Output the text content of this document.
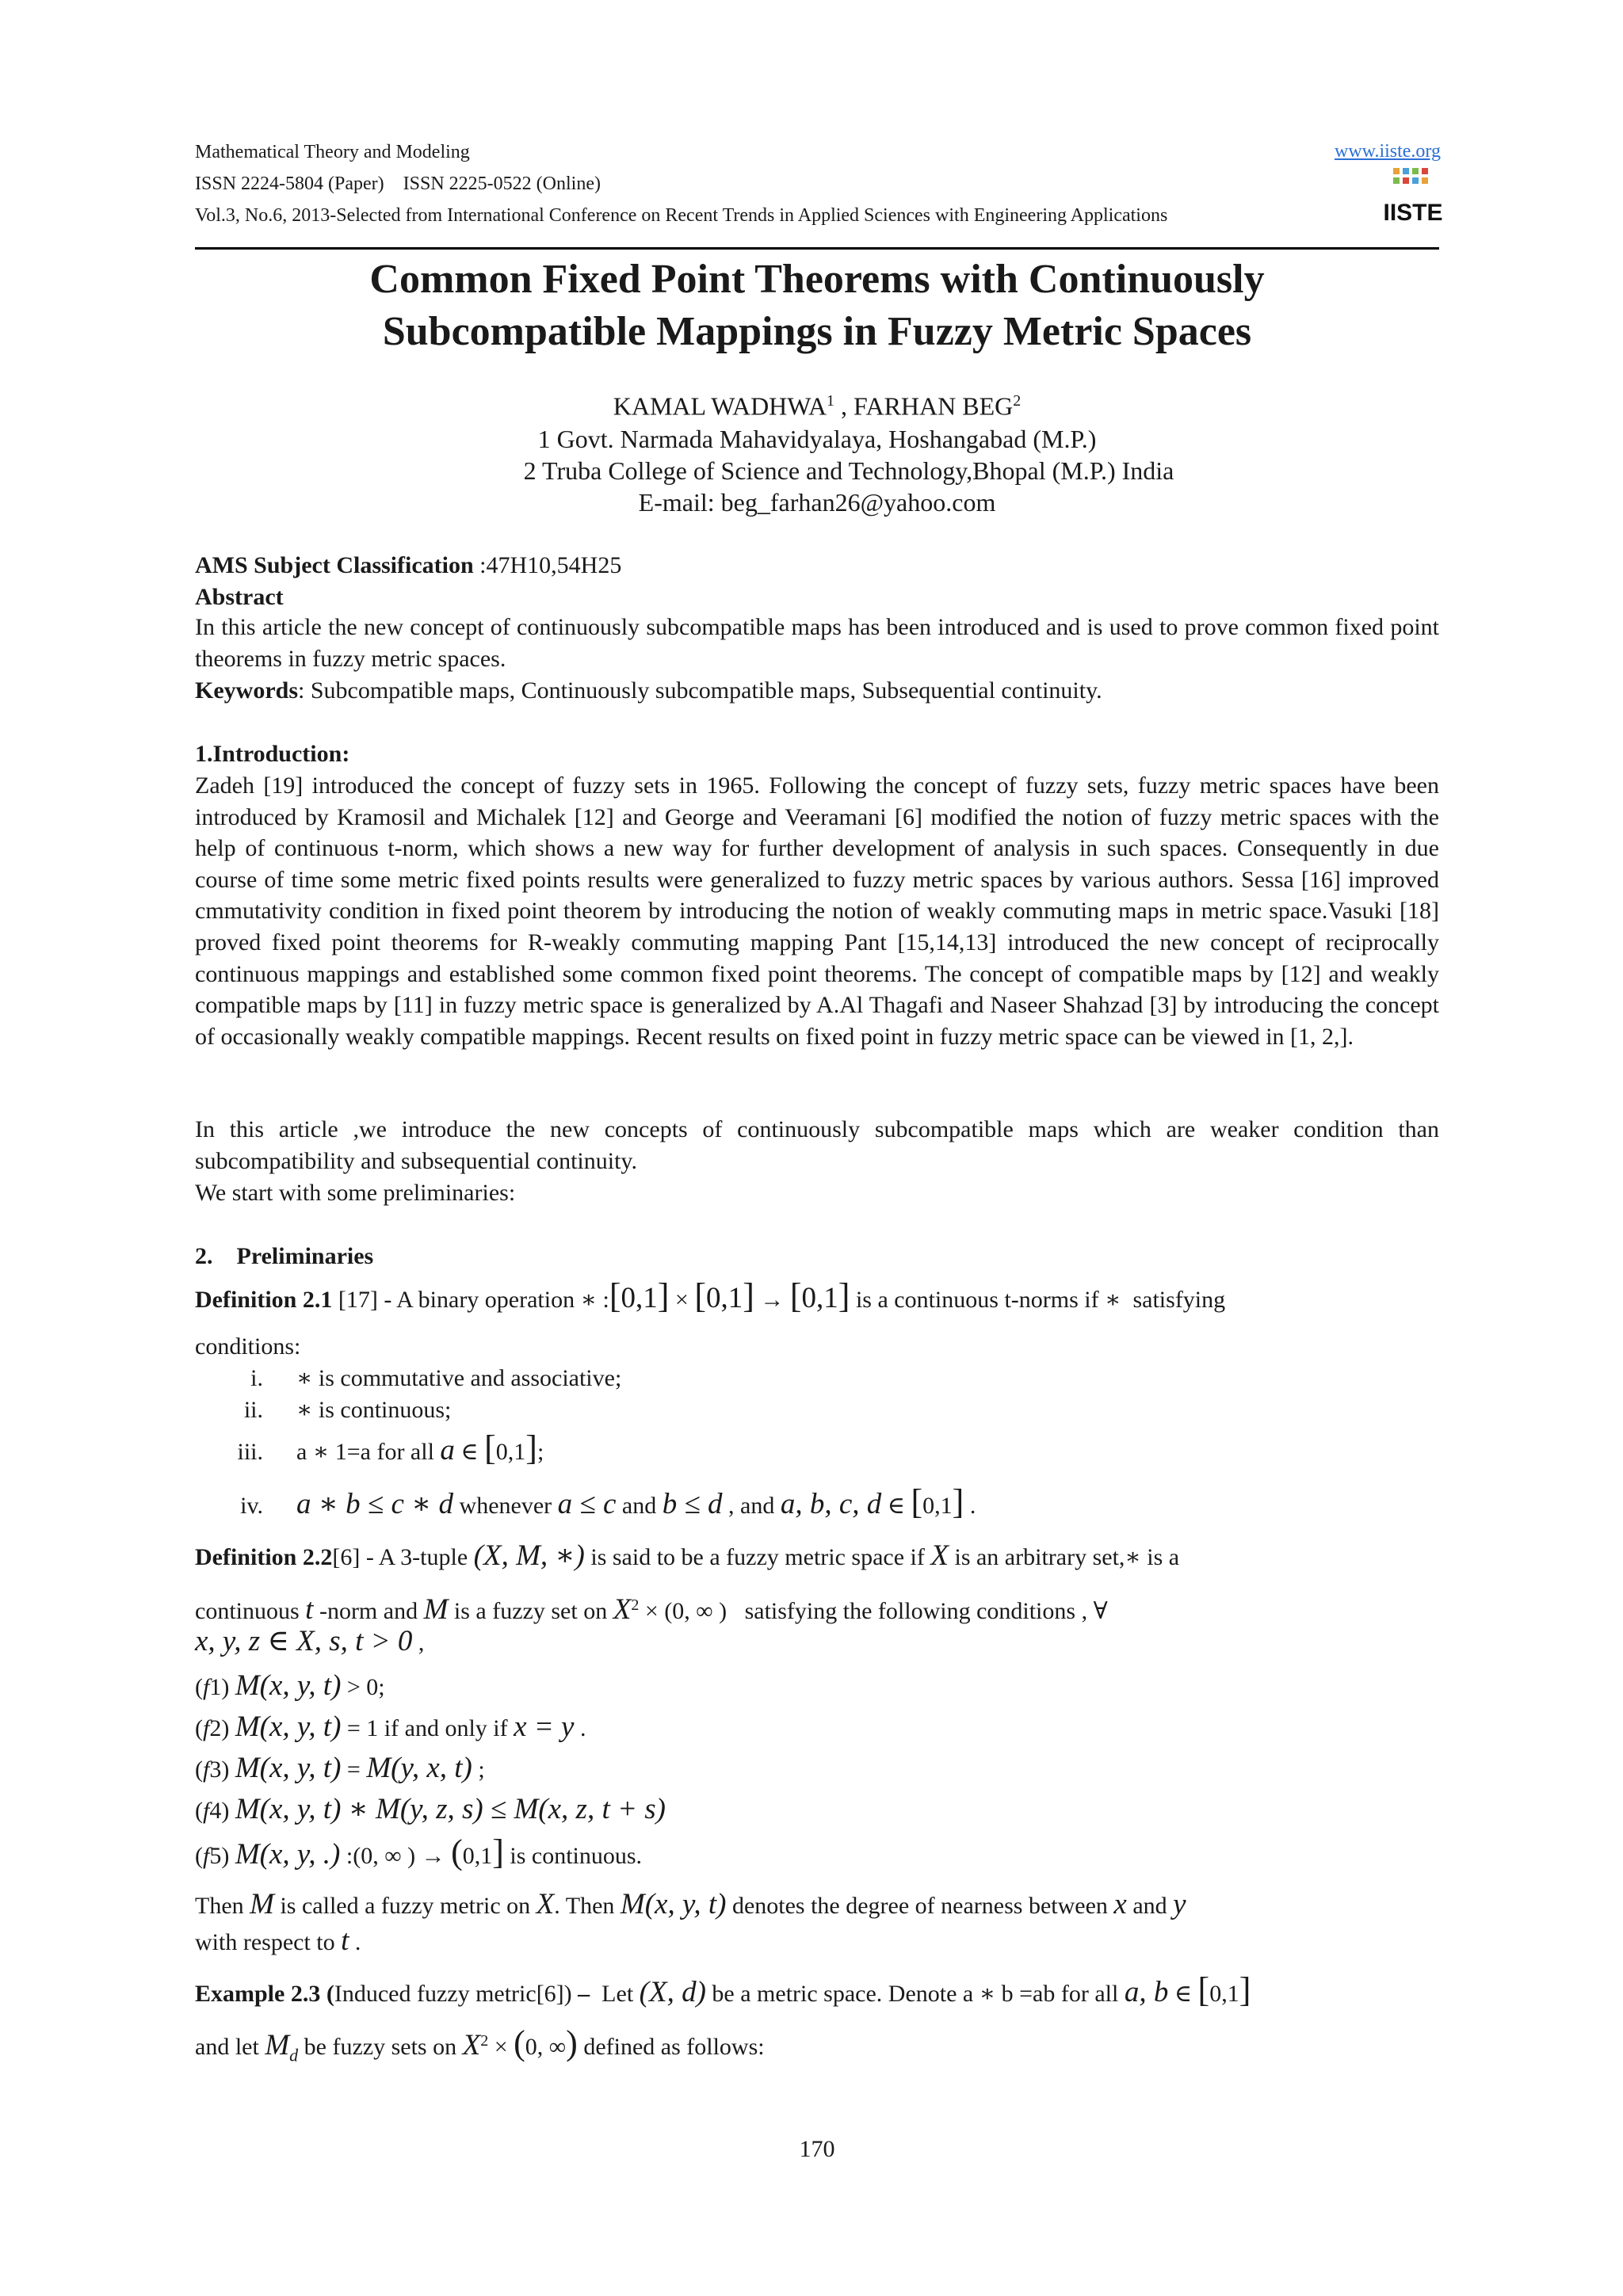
Mathematical Theory and Modeling	www.iiste.org
ISSN 2224-5804 (Paper)    ISSN 2225-0522 (Online)
Vol.3, No.6, 2013-Selected from International Conference on Recent Trends in Applied Sciences with Engineering Applications	IISTE
Common Fixed Point Theorems with Continuously
Subcompatible Mappings in Fuzzy Metric Spaces
KAMAL WADHWA$^1$ , FARHAN BEG$^2$
1 Govt. Narmada Mahavidyalaya, Hoshangabad (M.P.)
2 Truba College of Science and Technology,Bhopal (M.P.) India
E-mail: beg_farhan26@yahoo.com
AMS Subject Classification :47H10,54H25
Abstract
In this article the new concept of continuously subcompatible maps has been introduced and is used to prove common fixed point theorems in fuzzy metric spaces.
Keywords: Subcompatible maps, Continuously subcompatible maps, Subsequential continuity.
1.Introduction:
Zadeh [19] introduced the concept of fuzzy sets in 1965. Following the concept of fuzzy sets, fuzzy metric spaces have been introduced by Kramosil and Michalek [12] and George and Veeramani [6] modified the notion of fuzzy metric spaces with the help of continuous t-norm, which shows a new way for further development of analysis in such spaces. Consequently in due course of time some metric fixed points results were generalized to fuzzy metric spaces by various authors. Sessa [16] improved cmmutativity condition in fixed point theorem by introducing the notion of weakly commuting maps in metric space.Vasuki [18] proved fixed point theorems for R-weakly commuting mapping Pant [15,14,13] introduced the new concept of reciprocally continuous mappings and established some common fixed point theorems. The concept of compatible maps by [12] and weakly compatible maps by [11] in fuzzy metric space is generalized by A.Al Thagafi and Naseer Shahzad [3] by introducing the concept of occasionally weakly compatible mappings. Recent results on fixed point in fuzzy metric space can be viewed in [1, 2,].
In this article ,we introduce the new concepts of continuously subcompatible maps which are weaker condition than subcompatibility and subsequential continuity.
We start with some preliminaries:
2.    Preliminaries
Definition 2.1 [17] - A binary operation ∗ :[0,1] × [0,1] → [0,1] is a continuous t-norms if ∗  satisfying
conditions:
i. ∗ is commutative and associative;
ii. ∗ is continuous;
iii. a ∗ 1=a for all a ∈ [0,1];
iv. a ∗ b ≤ c ∗ d whenever a ≤ c and b ≤ d , and a, b, c, d ∈ [0,1] .
Definition 2.2[6] - A 3-tuple (X, M, ∗) is said to be a fuzzy metric space if X is an arbitrary set,∗ is a
continuous t -norm and M is a fuzzy set on $X^2 \times (0$, ∞ )   satisfying the following conditions , ∀
x, y, z ∈ X, s, t > 0 ,
(f1) M(x, y, t) > 0;
(f2) M(x, y, t) = 1 if and only if x = y .
(f3) M(x, y, t) = M(y, x, t) ;
(f4) M(x, y, t) ∗ M(y, z, s) ≤ M(x, z, t + s)
(f5) M(x, y, .) :(0, ∞ ) → (0,1] is continuous.
Then M is called a fuzzy metric on X. Then M(x, y, t) denotes the degree of nearness between x and y
with respect to t .
Example 2.3 (Induced fuzzy metric[6]) –  Let (X, d) be a metric space. Denote a ∗ b =ab for all a, b ∈ [0,1]
and let $M_d$ be fuzzy sets on $X^2 \times (0$, ∞) defined as follows:
170
